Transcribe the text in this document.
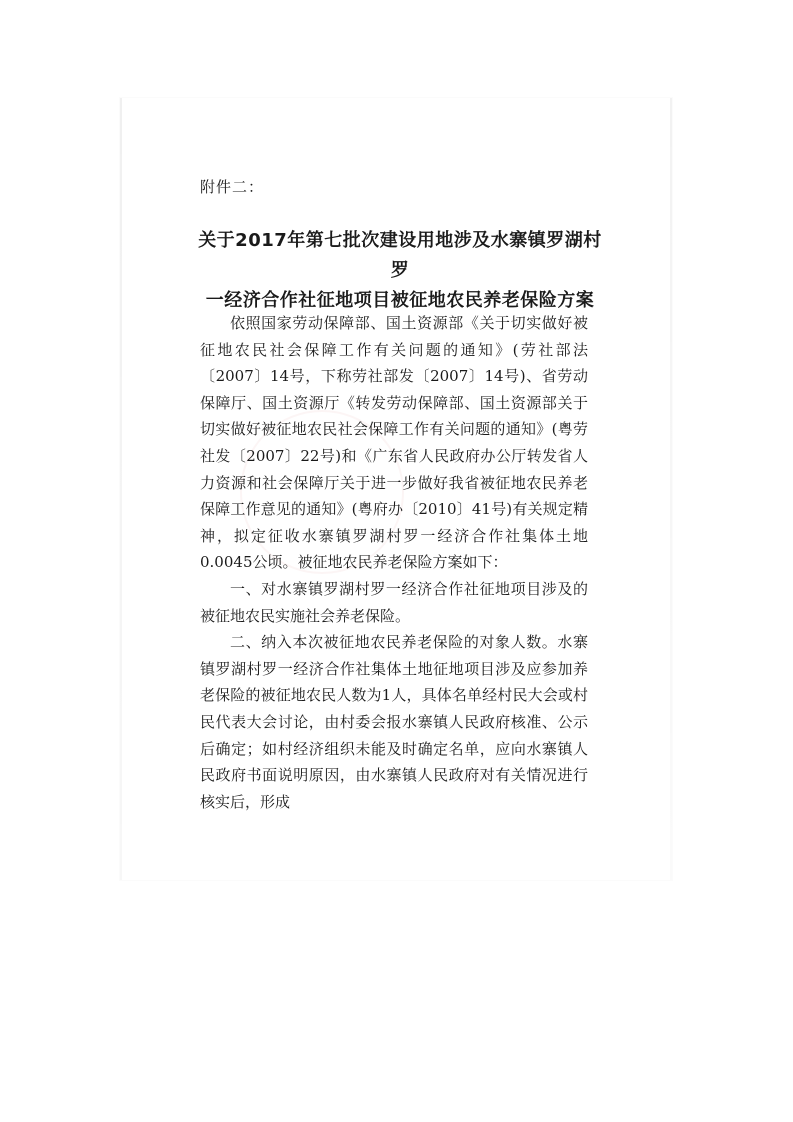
附件二：
关于2017年第七批次建设用地涉及水寨镇罗湖村罗
一经济合作社征地项目被征地农民养老保险方案

依照国家劳动保障部、国土资源部《关于切实做好被征地农民社会保障工作有关问题的通知》(劳社部法〔2007〕14号，下称劳社部发〔2007〕14号)、省劳动保障厅、国土资源厅《转发劳动保障部、国土资源部关于切实做好被征地农民社会保障工作有关问题的通知》(粤劳社发〔2007〕22号)和《广东省人民政府办公厅转发省人力资源和社会保障厅关于进一步做好我省被征地农民养老保障工作意见的通知》(粤府办〔2010〕41号)有关规定精神，拟定征收水寨镇罗湖村罗一经济合作社集体土地0.0045公顷。被征地农民养老保险方案如下：

一、对水寨镇罗湖村罗一经济合作社征地项目涉及的被征地农民实施社会养老保险。

二、纳入本次被征地农民养老保险的对象人数。水寨镇罗湖村罗一经济合作社集体土地征地项目涉及应参加养老保险的被征地农民人数为1人，具体名单经村民大会或村民代表大会讨论，由村委会报水寨镇人民政府核准、公示后确定；如村经济组织未能及时确定名单，应向水寨镇人民政府书面说明原因，由水寨镇人民政府对有关情况进行核实后，形成
